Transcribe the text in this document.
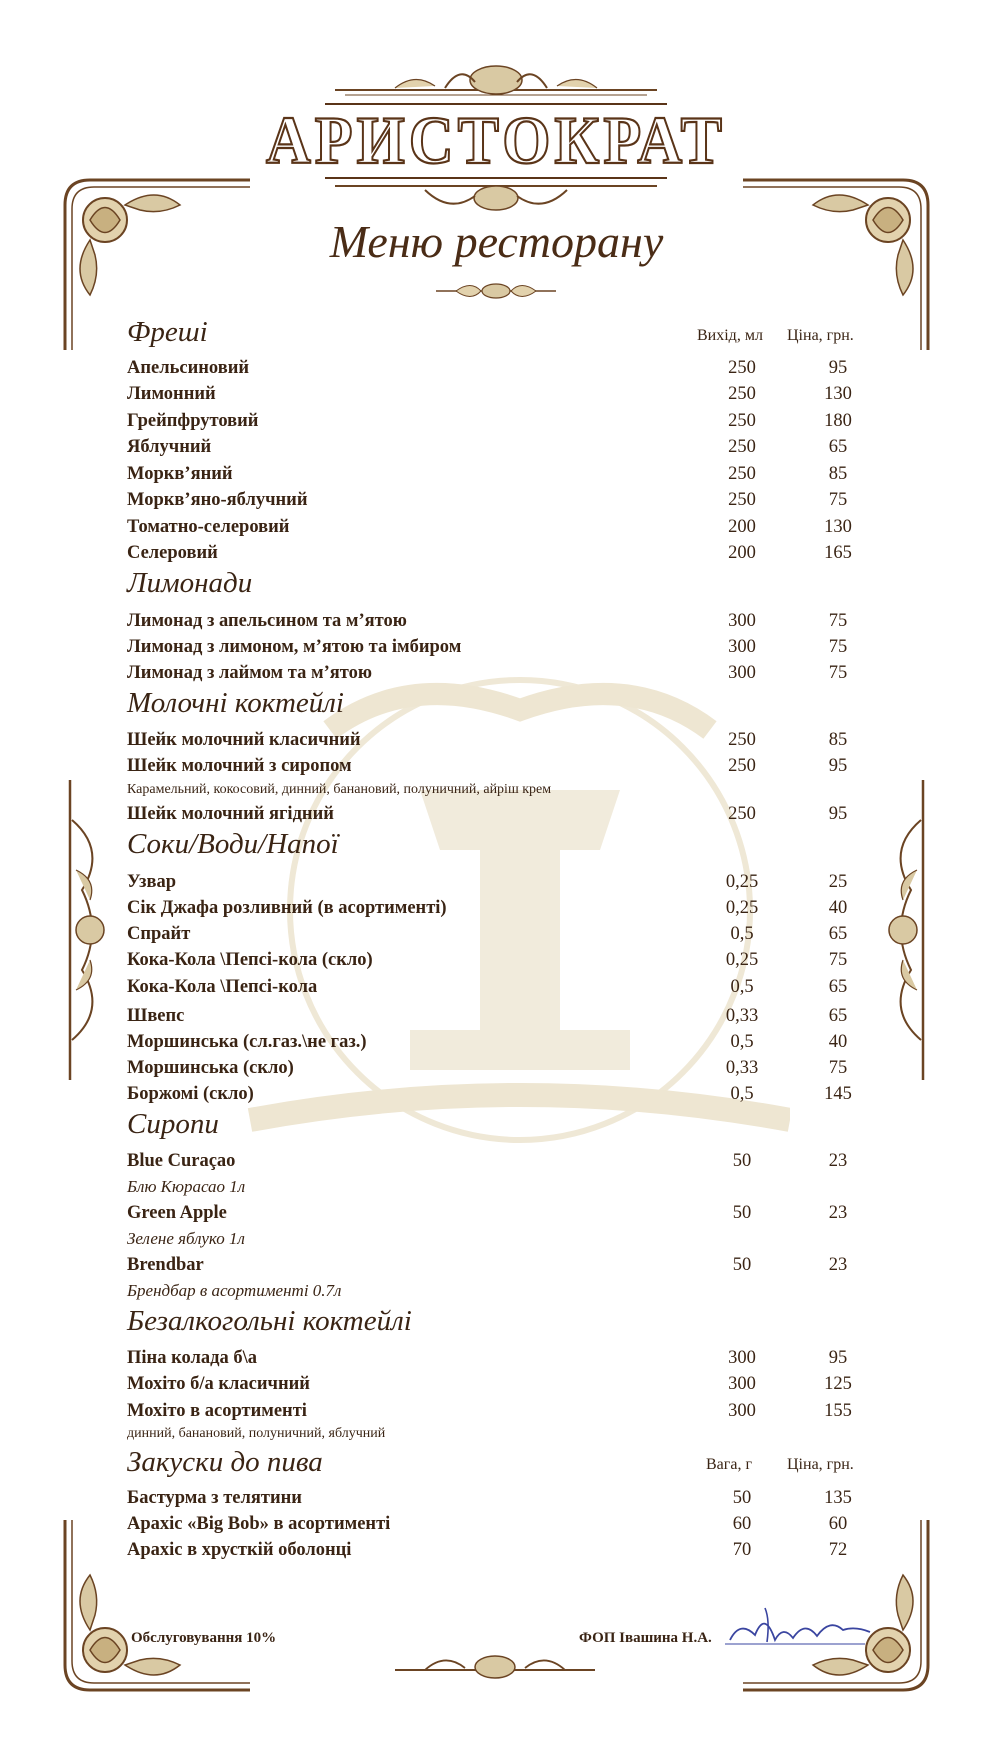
АРИСТОКРАТ
Меню ресторану
Фреші	Вихід, мл Ціна, грн.
Апельсиновий	250	95
Лимонний	250	130
Грейпфрутовий	250	180
Яблучний	250	65
Морквʼяний	250	85
Морквʼяно-яблучний	250	75
Томатно-селеровий	200	130
Селеровий	200	165
Лимонади
Лимонад з апельсином та мʼятою	300	75
Лимонад з лимоном, мʼятою та імбиром	300	75
Лимонад з лаймом та мʼятою	300	75
Молочні коктейлі
Шейк молочний класичний	250	85
Шейк молочний з сиропом	250	95
Карамельний, кокосовий, динний, банановий, полуничний, айріш крем
Шейк молочний ягідний	250	95
Соки/Води/Напої
Узвар	0,25	25
Сік Джафа розливний (в асортименті)	0,25	40
Спрайт	0,5	65
Кока-Кола \Пепсі-кола (скло)	0,25	75
Кока-Кола \Пепсі-кола	0,5	65
Швепс	0,33	65
Моршинська (сл.газ.\не газ.)	0,5	40
Моршинська (скло)	0,33	75
Боржомі (скло)	0,5	145
Сиропи
Blue Curaçao	50	23
Блю Кюрасао 1л
Green Apple	50	23
Зелене яблуко 1л
Brendbar	50	23
Брендбар в асортименті 0.7л
Безалкогольні коктейлі
Піна колада б\а	300	95
Мохіто б/а класичний	300	125
Мохіто в асортименті	300	155
динний, банановий, полуничний, яблучний
Закуски до пива	Вага, г Ціна, грн.
Бастурма з телятини	50	135
Арахіс «Big Bob» в асортименті	60	60
Арахіс в хрусткій оболонці	70	72
Обслуговування 10%	ФОП Івашина Н.А.
